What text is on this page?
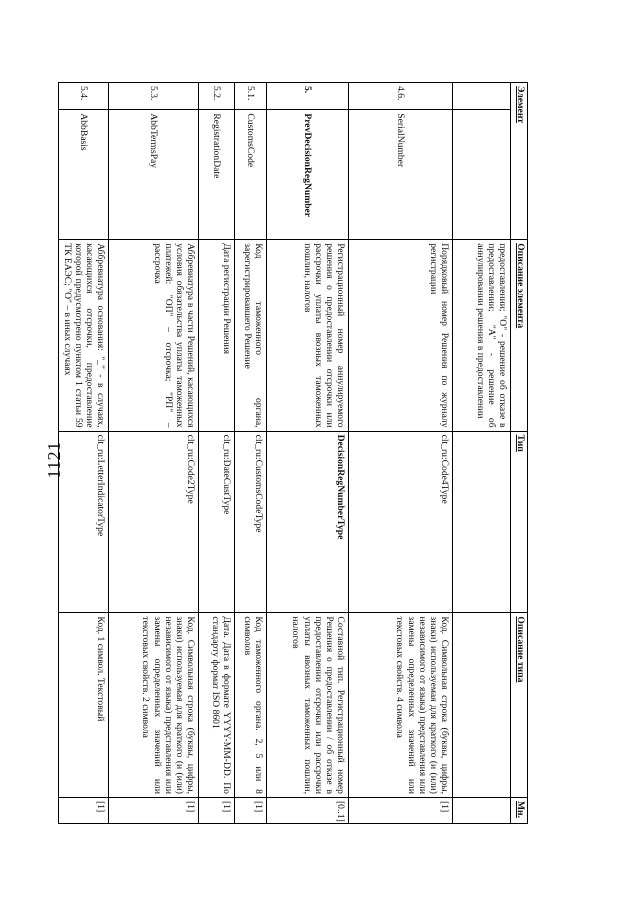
1121
Элемент		Описание элемента	Тип	Описание типа	Мн.
		предоставлении; "О" - решение об отказе в предоставлении; "А" - решение об аннулировании решения в предоставлении			
4.6.	SerialNumber	Порядковый номер Решения по журналу регистрации	clt_ru:Code4Type	Код. Символьная строка (буквы, цифры, знаки) используемая для краткого (и (или) независимого от языка) представления или замены определенных значений или текстовых свойств. 4 символа	[1]
5.	PrevDecisionRegNumber	Регистрационный номер аннулируемого решения о предоставлении отсрочки или рассрочки уплаты ввозных таможенных пошлин, налогов	DecisionRegNumberType	Составной тип. Регистрационный номер Решения о предоставлении / об отказе в предоставлении отсрочки или рассрочки уплаты ввозных таможенных пошлин, налогов	[0..1]
5.1.	CustomsCode	Код таможенного органа, зарегистрировавшего Решение	clt_ru:CustomsCodeType	Код таможенного органа. 2, 5 или 8 символов	[1]
5.2.	RegistrationDate	Дата регистрации Решения	clt_ru:DateCustType	Дата. Дата в формате YYYY-MM-DD. По стандарту формат ISO 8601	[1]
5.3.	AbbTermsPay	Аббревиатура в части Решений, касающихся условия обязательства уплаты таможенных платежей: "ОП" – отсрочка; "РП" – рассрочка	clt_ru:Code2Type	Код. Символьная строка (буквы, цифры, знаки) используемая для краткого (и (или) независимого от языка) представления или замены определенных значений или текстовых свойств. 2 символа	[1]
5.4.	AbbBasis	Аббревиатура основания: "_" - в случаях, касающихся отсрочки, предоставление которой предусмотрено пунктом 1 статьи 59 ТК ЕАЭС; "О" – в иных случаях	clt_ru:LetterIndicatorType	Код. 1 символ. Текстовый	[1]
